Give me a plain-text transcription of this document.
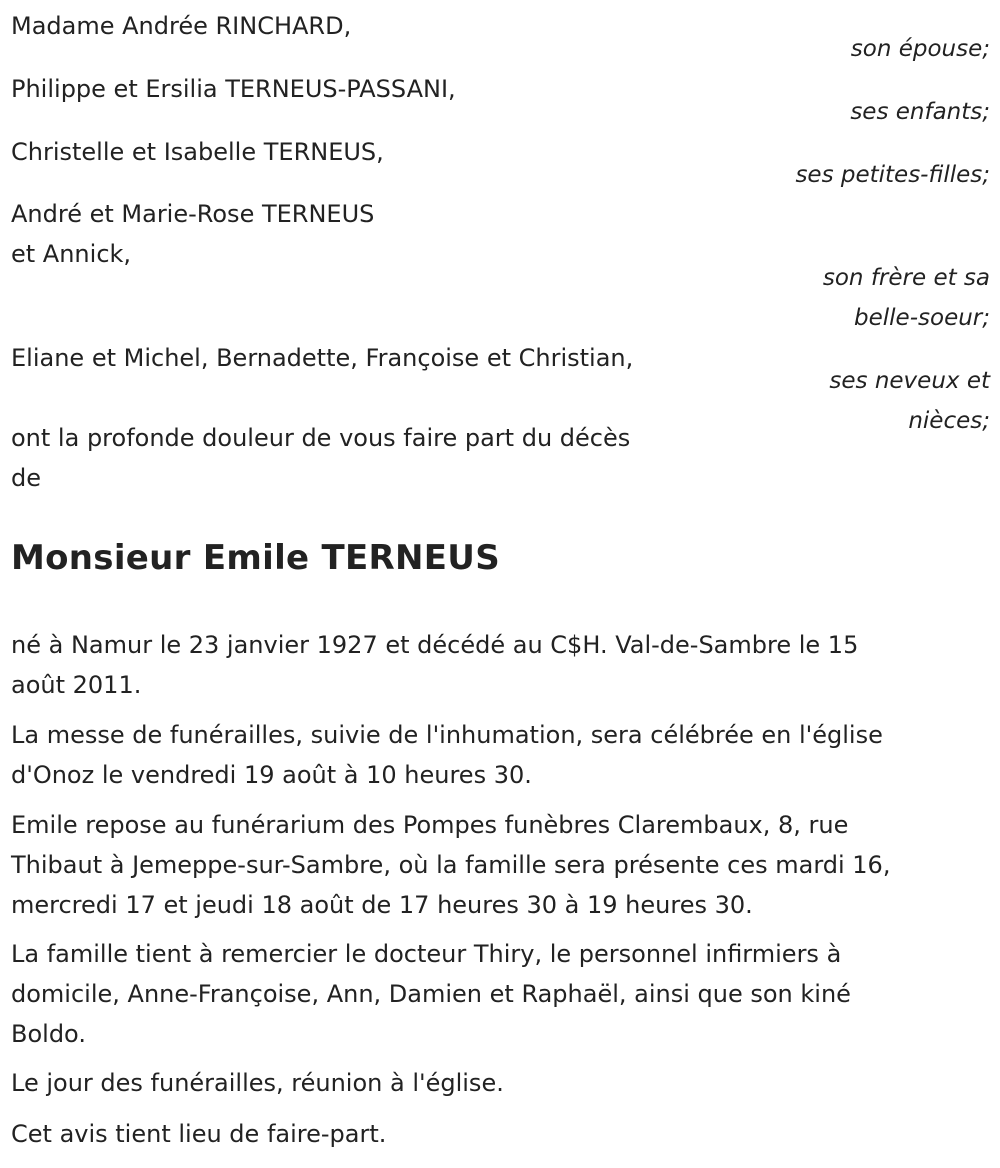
Madame Andrée RINCHARD,
son épouse;
Philippe et Ersilia TERNEUS-PASSANI,
ses enfants;
Christelle et Isabelle TERNEUS,
ses petites-filles;
André et Marie-Rose TERNEUS
et Annick,
son frère et sa
belle-soeur;
Eliane et Michel, Bernadette, Françoise et Christian,
ses neveux et
nièces;
ont la profonde douleur de vous faire part du décès
de
Monsieur Emile TERNEUS
né à Namur le 23 janvier 1927 et décédé au C$H. Val-de-Sambre le 15
août 2011.
La messe de funérailles, suivie de l'inhumation, sera célébrée en l'église
d'Onoz le vendredi 19 août à 10 heures 30.
Emile repose au funérarium des Pompes funèbres Clarembaux, 8, rue
Thibaut à Jemeppe-sur-Sambre, où la famille sera présente ces mardi 16,
mercredi 17 et jeudi 18 août de 17 heures 30 à 19 heures 30.
La famille tient à remercier le docteur Thiry, le personnel infirmiers à
domicile, Anne-Françoise, Ann, Damien et Raphaël, ainsi que son kiné
Boldo.
Le jour des funérailles, réunion à l'église.
Cet avis tient lieu de faire-part.
